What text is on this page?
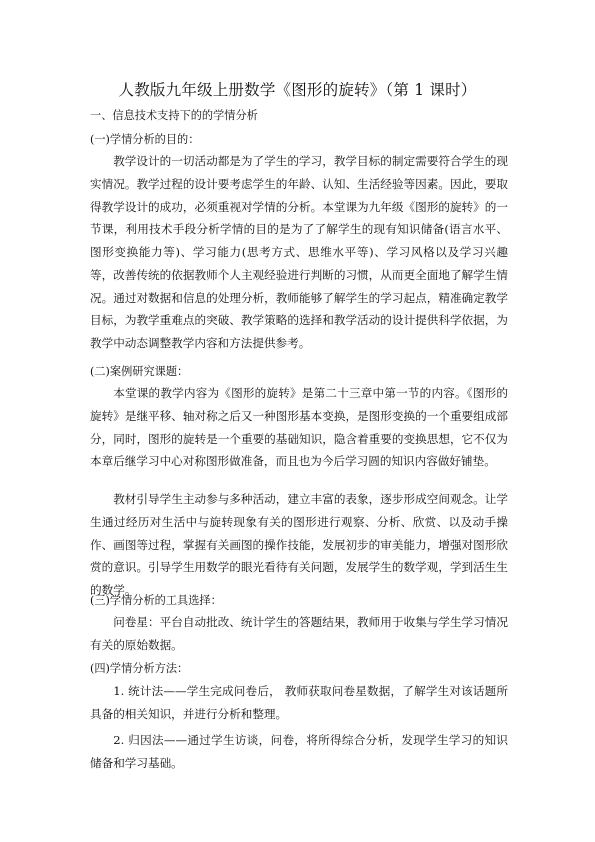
人教版九年级上册数学《图形的旋转》（第 1 课时）
一、信息技术支持下的的学情分析
(一)学情分析的目的：

教学设计的一切活动都是为了学生的学习，教学目标的制定需要符合学生的现实情况。教学过程的设计要考虑学生的年龄、认知、生活经验等因素。因此，要取得教学设计的成功，必须重视对学情的分析。本堂课为九年级《图形的旋转》的一节课，利用技术手段分析学情的目的是为了了解学生的现有知识储备(语言水平、图形变换能力等)、学习能力(思考方式、思维水平等)、学习风格以及学习兴趣等，改善传统的依据教师个人主观经验进行判断的习惯，从而更全面地了解学生情况。通过对数据和信息的处理分析，教师能够了解学生的学习起点，精准确定教学目标，为教学重难点的突破、教学策略的选择和教学活动的设计提供科学依据，为教学中动态调整教学内容和方法提供参考。

(二)案例研究课题：

本堂课的教学内容为《图形的旋转》是第二十三章中第一节的内容。《图形的旋转》是继平移、轴对称之后又一种图形基本变换，是图形变换的一个重要组成部分，同时，图形的旋转是一个重要的基础知识，隐含着重要的变换思想，它不仅为本章后继学习中心对称图形做准备，而且也为今后学习圆的知识内容做好铺垫。

教材引导学生主动参与多种活动，建立丰富的表象，逐步形成空间观念。让学生通过经历对生活中与旋转现象有关的图形进行观察、分析、欣赏、以及动手操作、画图等过程，掌握有关画图的操作技能，发展初步的审美能力，增强对图形欣赏的意识。引导学生用数学的眼光看待有关问题，发展学生的数学观，学到活生生的数学。

(三)学情分析的工具选择：

问卷星：平台自动批改、统计学生的答题结果，教师用于收集与学生学习情况有关的原始数据。

(四)学情分析方法：

1. 统计法——学生完成问卷后， 教师获取问卷星数据，了解学生对该话题所具备的相关知识，并进行分析和整理。

2. 归因法——通过学生访谈，问卷，将所得综合分析，发现学生学习的知识储备和学习基础。
